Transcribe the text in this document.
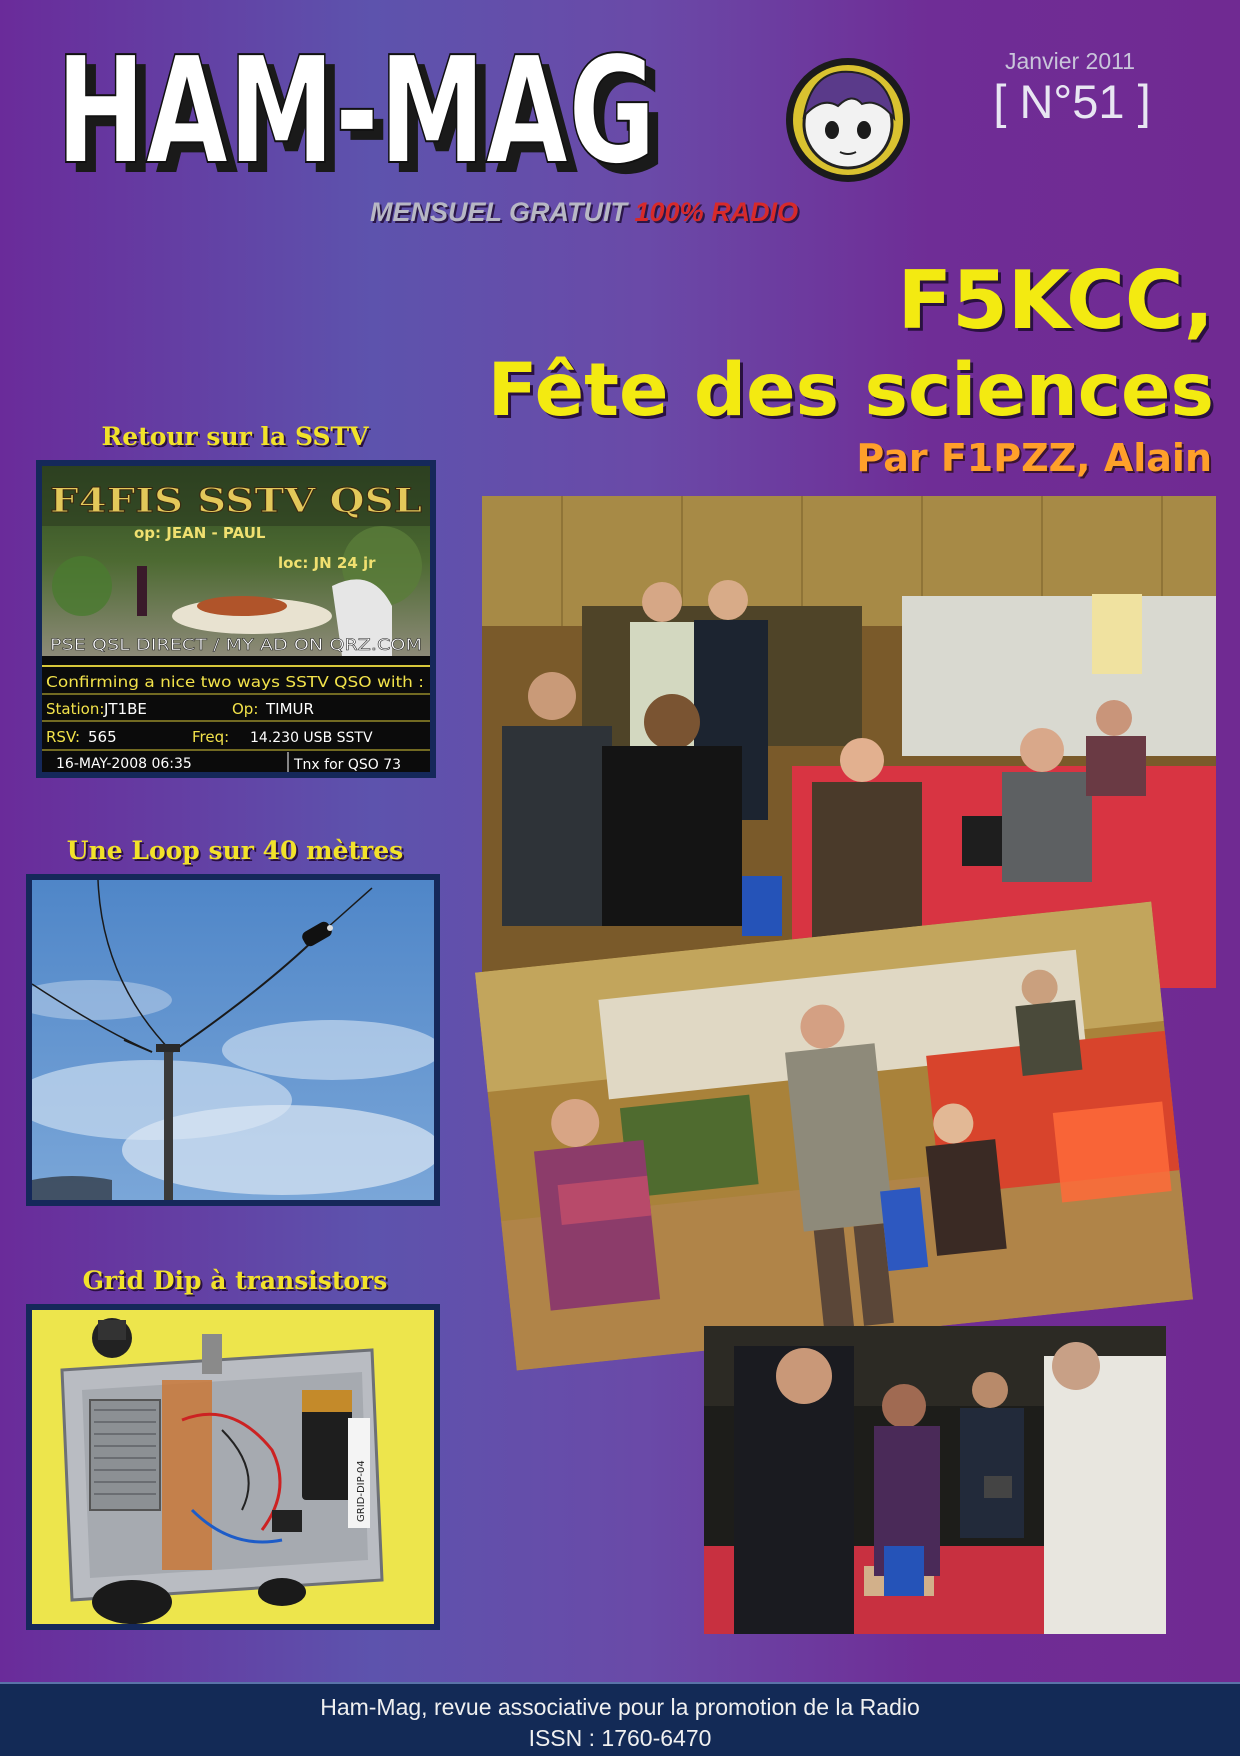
HAM-MAG
HAM-MAG
MENSUEL GRATUIT 100% RADIO
Janvier 2011
[ N°51 ]
F5KCC,
Fête des sciences
Par F1PZZ, Alain
Retour sur la SSTV
F4FIS SSTV QSL
op: JEAN - PAUL
loc: JN 24 jr
PSE QSL DIRECT / MY AD ON QRZ.COM
Confirming a nice two ways SSTV QSO with :
Station: JT1BE	Op: TIMUR
RSV: 565	Freq: 14.230 USB SSTV
16-MAY-2008 06:35	Tnx for QSO 73
Une Loop sur 40 mètres
Grid Dip à transistors
GRID-DIP-04
Ham-Mag, revue associative pour la promotion de la Radio
ISSN : 1760-6470
